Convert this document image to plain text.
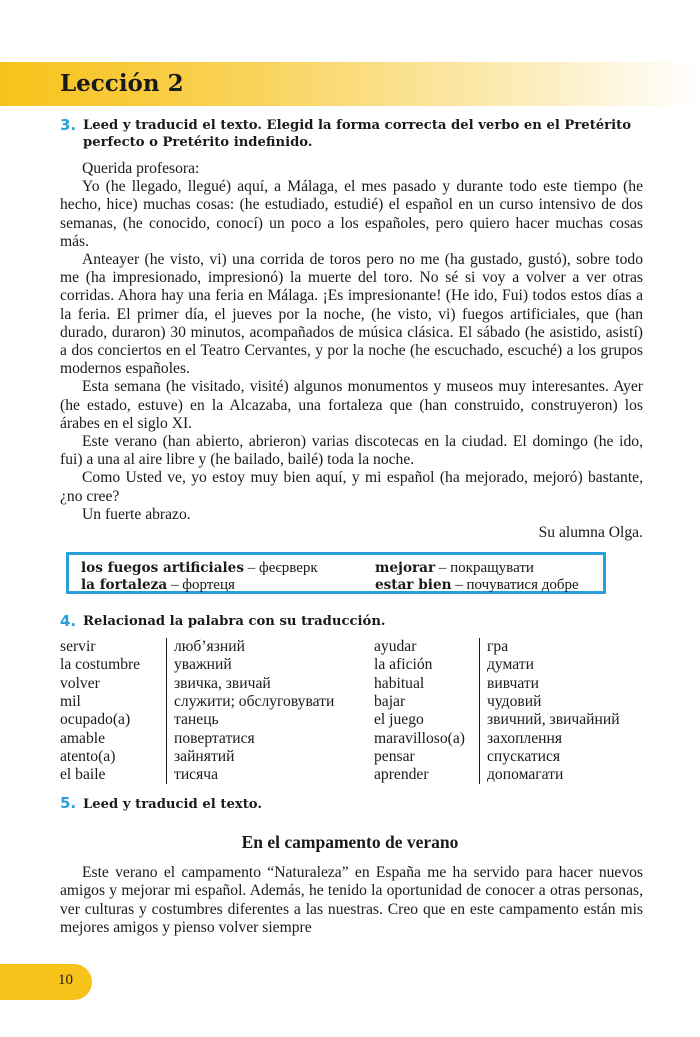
Lección 2
3. Leed y traducid el texto. Elegid la forma correcta del verbo en el Pretérito
perfecto o Pretérito indefinido.

Querida profesora:

Yo (he llegado, llegué) aquí, a Málaga, el mes pasado y durante todo este tiempo (he hecho, hice) muchas cosas: (he estudiado, estudié) el español en un curso intensivo de dos semanas, (he conocido, conocí) un poco a los españoles, pero quiero hacer muchas cosas más.

Anteayer (he visto, vi) una corrida de toros pero no me (ha gustado, gustó), sobre todo me (ha impresionado, impresionó) la muerte del toro. No sé si voy a volver a ver otras corridas. Ahora hay una feria en Málaga. ¡Es impresionante! (He ido, Fui) todos estos días a la feria. El primer día, el jueves por la noche, (he visto, vi) fuegos artificiales, que (han durado, duraron) 30 minutos, acompañados de música clásica. El sábado (he asistido, asistí) a dos conciertos en el Teatro Cervantes, y por la noche (he escuchado, escuché) a los grupos modernos españoles.

Esta semana (he visitado, visité) algunos monumentos y museos muy interesantes. Ayer (he estado, estuve) en la Alcazaba, una fortaleza que (han construido, construyeron) los árabes en el siglo XI.

Este verano (han abierto, abrieron) varias discotecas en la ciudad. El domingo (he ido, fui) a una al aire libre y (he bailado, bailé) toda la noche.

Como Usted ve, yo estoy muy bien aquí, y mi español (ha mejorado, mejoró) bastante, ¿no cree?

Un fuerte abrazo.

Su alumna Olga.

los fuegos artificiales – феєрверк
la fortaleza – фортеця
mejorar – покращувати
estar bien – почуватися добре
4. Relacionad la palabra con su traducción.
servir
la costumbre
volver
mil
ocupado(a)
amable
atento(a)
el baile
люб’язний
уважний
звичка, звичай
служити; обслуговувати
танець
повертатися
зайнятий
тисяча
ayudar
la afición
habitual
bajar
el juego
maravilloso(a)
pensar
aprender
гра
думати
вивчати
чудовий
звичний, звичайний
захоплення
спускатися
допомагати
5. Leed y traducid el texto.
En el campamento de verano

Este verano el campamento “Naturaleza” en España me ha servido para hacer nuevos amigos y mejorar mi español. Además, he tenido la oportunidad de conocer a otras personas, ver culturas y costumbres diferentes a las nuestras. Creo que en este campamento están mis mejores amigos y pienso volver siempre

10
